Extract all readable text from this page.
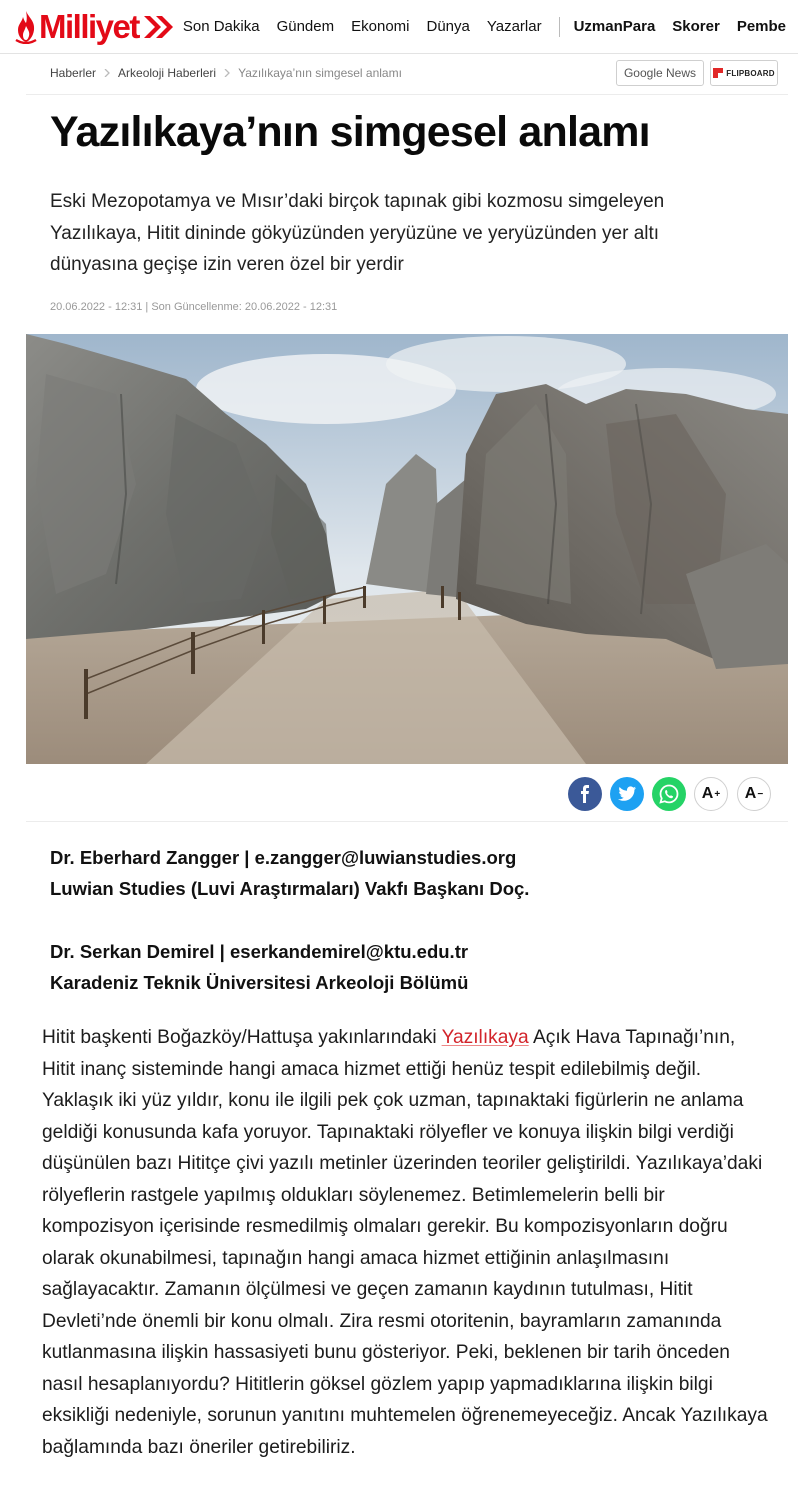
Milliyet	Son Dakika Gündem Ekonomi Dünya Yazarlar UzmanPara Skorer Pembe
Haberler Arkeoloji Haberleri Yazılıkaya’nın simgesel anlamı	Google News	FLIPBOARD
Yazılıkaya’nın simgesel anlamı

Eski Mezopotamya ve Mısır’daki birçok tapınak gibi kozmosu simgeleyen Yazılıkaya, Hitit dininde gökyüzünden yeryüzüne ve yeryüzünden yer altı dünyasına geçişe izin veren özel bir yerdir

20.06.2022 - 12:31 | Son Güncellenme: 20.06.2022 - 12:31
A + A −
Dr. Eberhard Zangger | e.zangger@luwianstudies.org
Luwian Studies (Luvi Araştırmaları) Vakfı Başkanı Doç.
Dr. Serkan Demirel | eserkandemirel@ktu.edu.tr
Karadeniz Teknik Üniversitesi Arkeoloji Bölümü

Hitit başkenti Boğazköy/Hattuşa yakınlarındaki Yazılıkaya Açık Hava Tapınağı’nın, Hitit inanç sisteminde hangi amaca hizmet ettiği henüz tespit edilebilmiş değil. Yaklaşık iki yüz yıldır, konu ile ilgili pek çok uzman, tapınaktaki figürlerin ne anlama geldiği konusunda kafa yoruyor. Tapınaktaki rölyefler ve konuya ilişkin bilgi verdiği düşünülen bazı Hititçe çivi yazılı metinler üzerinden teoriler geliştirildi. Yazılıkaya’daki rölyeflerin rastgele yapılmış oldukları söylenemez. Betimlemelerin belli bir kompozisyon içerisinde resmedilmiş olmaları gerekir. Bu kompozisyonların doğru olarak okunabilmesi, tapınağın hangi amaca hizmet ettiğinin anlaşılmasını sağlayacaktır. Zamanın ölçülmesi ve geçen zamanın kaydının tutulması, Hitit Devleti’nde önemli bir konu olmalı. Zira resmi otoritenin, bayramların zamanında kutlanmasına ilişkin hassasiyeti bunu gösteriyor. Peki, beklenen bir tarih önceden nasıl hesaplanıyordu? Hititlerin göksel gözlem yapıp yapmadıklarına ilişkin bilgi eksikliği nedeniyle, sorunun yanıtını muhtemelen öğrenemeyeceğiz. Ancak Yazılıkaya bağlamında bazı öneriler getirebiliriz.
